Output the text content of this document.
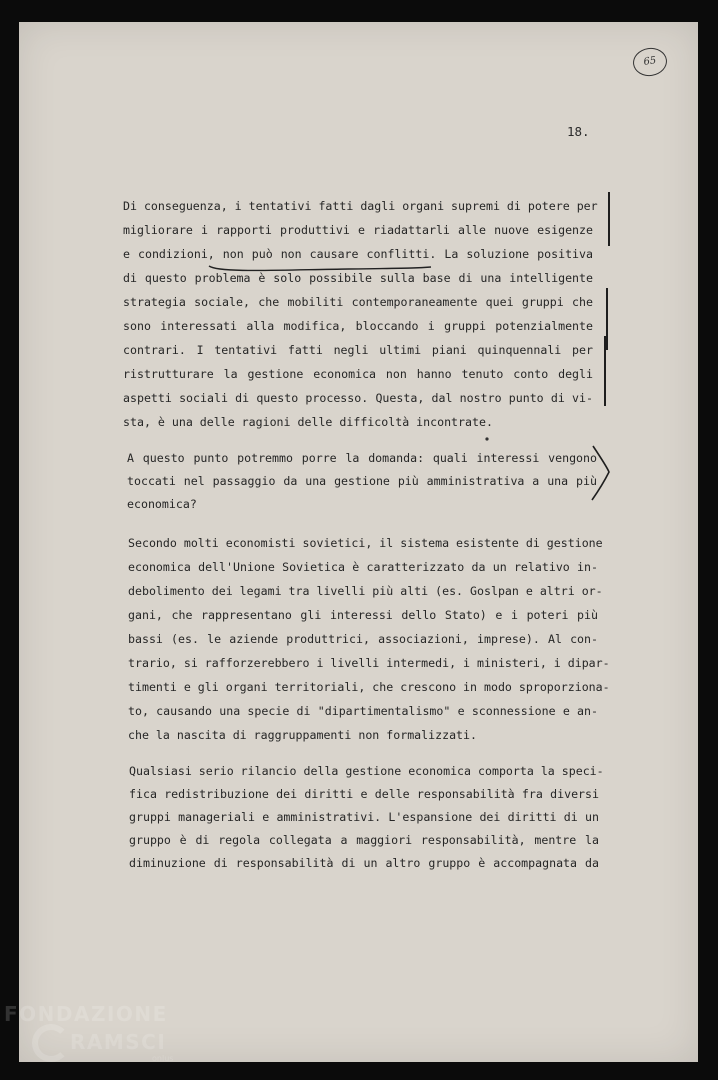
65
18.
Di conseguenza, i tentativi fatti dagli organi supremi di potere per
migliorare i rapporti produttivi e riadattarli alle nuove esigenze
e condizioni, non può non causare conflitti. La soluzione positiva
di questo problema è solo possibile sulla base di una intelligente
strategia sociale, che mobiliti contemporaneamente quei gruppi che
sono interessati alla modifica, bloccando i gruppi potenzialmente
contrari. I tentativi fatti negli ultimi piani quinquennali per
ristrutturare la gestione economica non hanno tenuto conto degli
aspetti sociali di questo processo. Questa, dal nostro punto di vi-
sta, è una delle ragioni delle difficoltà incontrate.
A questo punto potremmo porre la domanda: quali interessi vengono
toccati nel passaggio da una gestione più amministrativa a una più
economica?
Secondo molti economisti sovietici, il sistema esistente di gestione
economica dell'Unione Sovietica è caratterizzato da un relativo in-
debolimento dei legami tra livelli più alti (es. Goslpan e altri or-
gani, che rappresentano gli interessi dello Stato) e i poteri più
bassi (es. le aziende produttrici, associazioni, imprese). Al con-
trario, si rafforzerebbero i livelli intermedi, i ministeri, i dipar-
timenti e gli organi territoriali, che crescono in modo sproporziona-
to, causando una specie di "dipartimentalismo" e sconnessione e an-
che la nascita di raggruppamenti non formalizzati.
Qualsiasi serio rilancio della gestione economica comporta la speci-
fica redistribuzione dei diritti e delle responsabilità fra diversi
gruppi manageriali e amministrativi. L'espansione dei diritti di un
gruppo è di regola collegata a maggiori responsabilità, mentre la
diminuzione di responsabilità di un altro gruppo è accompagnata da
FONDAZIONE
RAMSCI
onlus
